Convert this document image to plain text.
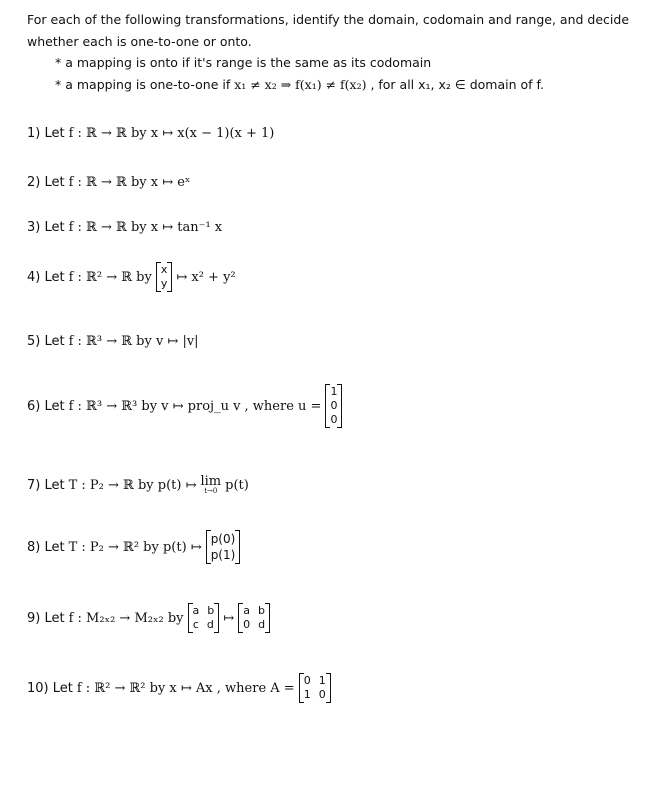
For each of the following transformations, identify the domain, codomain and range, and decide
whether each is one-to-one or onto.
* a mapping is onto if it's range is the same as its codomain
* a mapping is one-to-one if x₁ ≠ x₂ ⇒ f(x₁) ≠ f(x₂) , for all x₁, x₂ ∈ domain of f.
1) Let f : ℝ → ℝ by x ↦ x(x − 1)(x + 1)
2) Let f : ℝ → ℝ by x ↦ eˣ
3) Let f : ℝ → ℝ by x ↦ tan⁻¹ x
4) Let f : ℝ² → ℝ by x
y ↦ x² + y²
5) Let f : ℝ³ → ℝ by v ↦ |v|
6) Let f : ℝ³ → ℝ³ by v ↦ proj_u v , where u =
1
0
0
7) Let T : P₂ → ℝ by p(t) ↦ lim
t→0 p(t)
8) Let T : P₂ → ℝ² by p(t) ↦
p(0)
p(1)
9) Let f : M₂ₓ₂ → M₂ₓ₂ by a b
c d ↦ a b
0 d
10) Let f : ℝ² → ℝ² by x ↦ Ax , where A = 0 1
1 0
